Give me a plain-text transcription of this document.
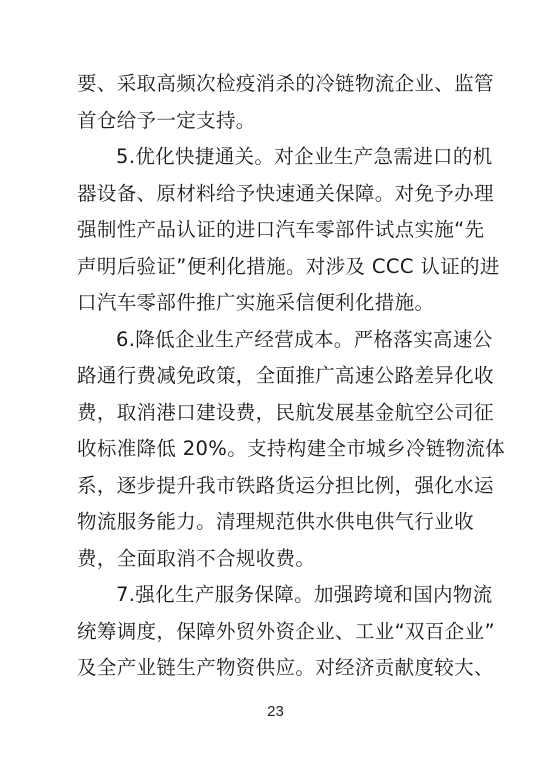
要、采取高频次检疫消杀的冷链物流企业、监管
首仓给予一定支持。
5.优化快捷通关。对企业生产急需进口的机
器设备、原材料给予快速通关保障。对免予办理
强制性产品认证的进口汽车零部件试点实施“先
声明后验证”便利化措施。对涉及 CCC 认证的进
口汽车零部件推广实施采信便利化措施。
6.降低企业生产经营成本。严格落实高速公
路通行费减免政策，全面推广高速公路差异化收
费，取消港口建设费，民航发展基金航空公司征
收标准降低 20%。支持构建全市城乡冷链物流体
系，逐步提升我市铁路货运分担比例，强化水运
物流服务能力。清理规范供水供电供气行业收
费，全面取消不合规收费。
7.强化生产服务保障。加强跨境和国内物流
统筹调度，保障外贸外资企业、工业“双百企业”
及全产业链生产物资供应。对经济贡献度较大、
23
